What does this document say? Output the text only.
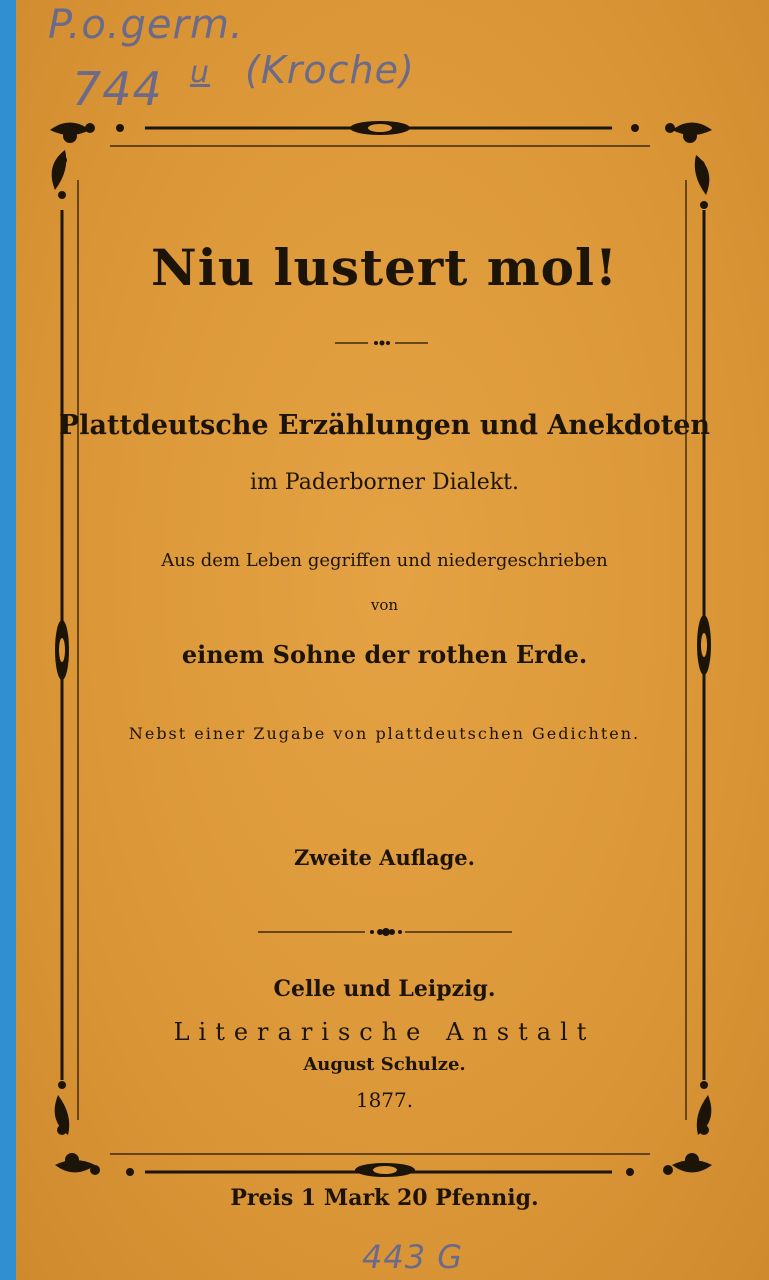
P.o.germ.
744 u (Kroche)
443 G
Niu lustert mol!
Plattdeutsche Erzählungen und Anekdoten
im Paderborner Dialekt.
Aus dem Leben gegriffen und niedergeschrieben
von
einem Sohne der rothen Erde.
Nebst einer Zugabe von plattdeutschen Gedichten.
Zweite Auflage.
Celle und Leipzig.
Literarische Anstalt
August Schulze.
1877.
Preis 1 Mark 20 Pfennig.
